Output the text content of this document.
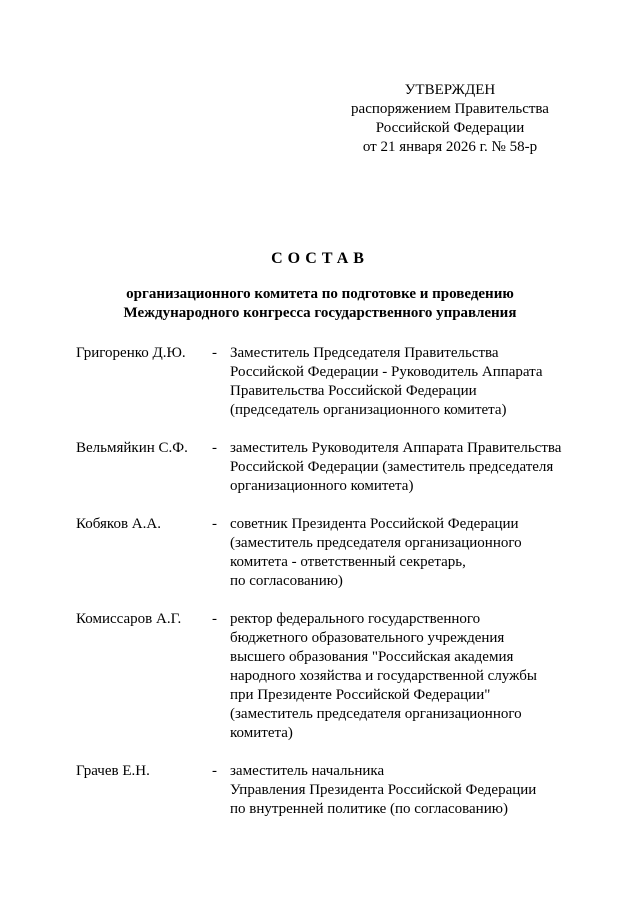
УТВЕРЖДЕН
распоряжением Правительства
Российской Федерации
от 21 января 2026 г. № 58-р
СОСТАВ
организационного комитета по подготовке и проведению
Международного конгресса государственного управления
Григоренко Д.Ю. - Заместитель Председателя Правительства
Российской Федерации - Руководитель Аппарата
Правительства Российской Федерации
(председатель организационного комитета)
Вельмяйкин С.Ф. - заместитель Руководителя Аппарата Правительства
Российской Федерации (заместитель председателя
организационного комитета)
Кобяков А.А.	- советник Президента Российской Федерации
(заместитель председателя организационного
комитета - ответственный секретарь,
по согласованию)
Комиссаров А.Г. - ректор федерального государственного
бюджетного образовательного учреждения
высшего образования "Российская академия
народного хозяйства и государственной службы
при Президенте Российской Федерации"
(заместитель председателя организационного
комитета)
Грачев Е.Н.	- заместитель начальника
Управления Президента Российской Федерации
по внутренней политике (по согласованию)
